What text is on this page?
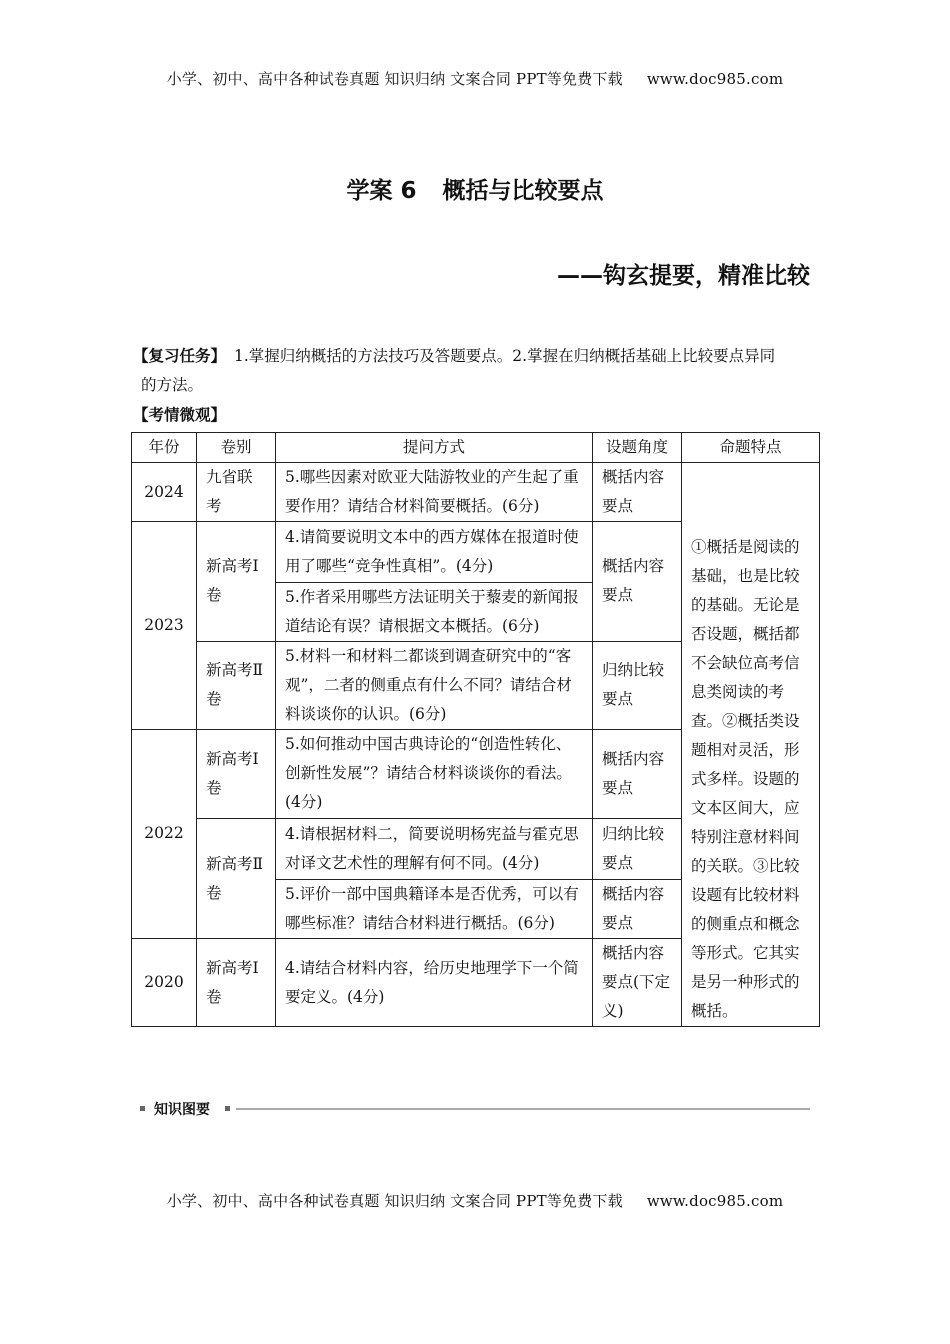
小学、初中、高中各种试卷真题 知识归纳 文案合同 PPT等免费下载 www.doc985.com
学案 6 概括与比较要点
——钩玄提要，精准比较
【复习任务】 1.掌握归纳概括的方法技巧及答题要点。2.掌握在归纳概括基础上比较要点异同
的方法。
【考情微观】
年份	卷别	提问方式	设题角度	命题特点
2024	九省联考	5.哪些因素对欧亚大陆游牧业的产生起了重要作用？请结合材料简要概括。(6分)	概括内容要点	①概括是阅读的基础，也是比较的基础。无论是否设题，概括都不会缺位高考信息类阅读的考查。②概括类设题相对灵活，形式多样。设题的文本区间大，应特别注意材料间的关联。③比较设题有比较材料的侧重点和概念等形式。它其实是另一种形式的概括。
2023	新高考Ⅰ卷	4.请简要说明文本中的西方媒体在报道时使用了哪些“竞争性真相”。(4分)	概括内容要点	
		5.作者采用哪些方法证明关于藜麦的新闻报道结论有误？请根据文本概括。(6分)		
	新高考Ⅱ卷	5.材料一和材料二都谈到调查研究中的“客观”，二者的侧重点有什么不同？请结合材料谈谈你的认识。(6分)	归纳比较要点	
2022	新高考Ⅰ卷	5.如何推动中国古典诗论的“创造性转化、创新性发展”？请结合材料谈谈你的看法。(4分)	概括内容要点	
	新高考Ⅱ卷	4.请根据材料二，简要说明杨宪益与霍克思对译文艺术性的理解有何不同。(4分)	归纳比较要点	
		5.评价一部中国典籍译本是否优秀，可以有哪些标准？请结合材料进行概括。(6分)	概括内容要点	
2020	新高考Ⅰ卷	4.请结合材料内容，给历史地理学下一个简要定义。(4分)	概括内容要点(下定义)	
知识图要
小学、初中、高中各种试卷真题 知识归纳 文案合同 PPT等免费下载 www.doc985.com
